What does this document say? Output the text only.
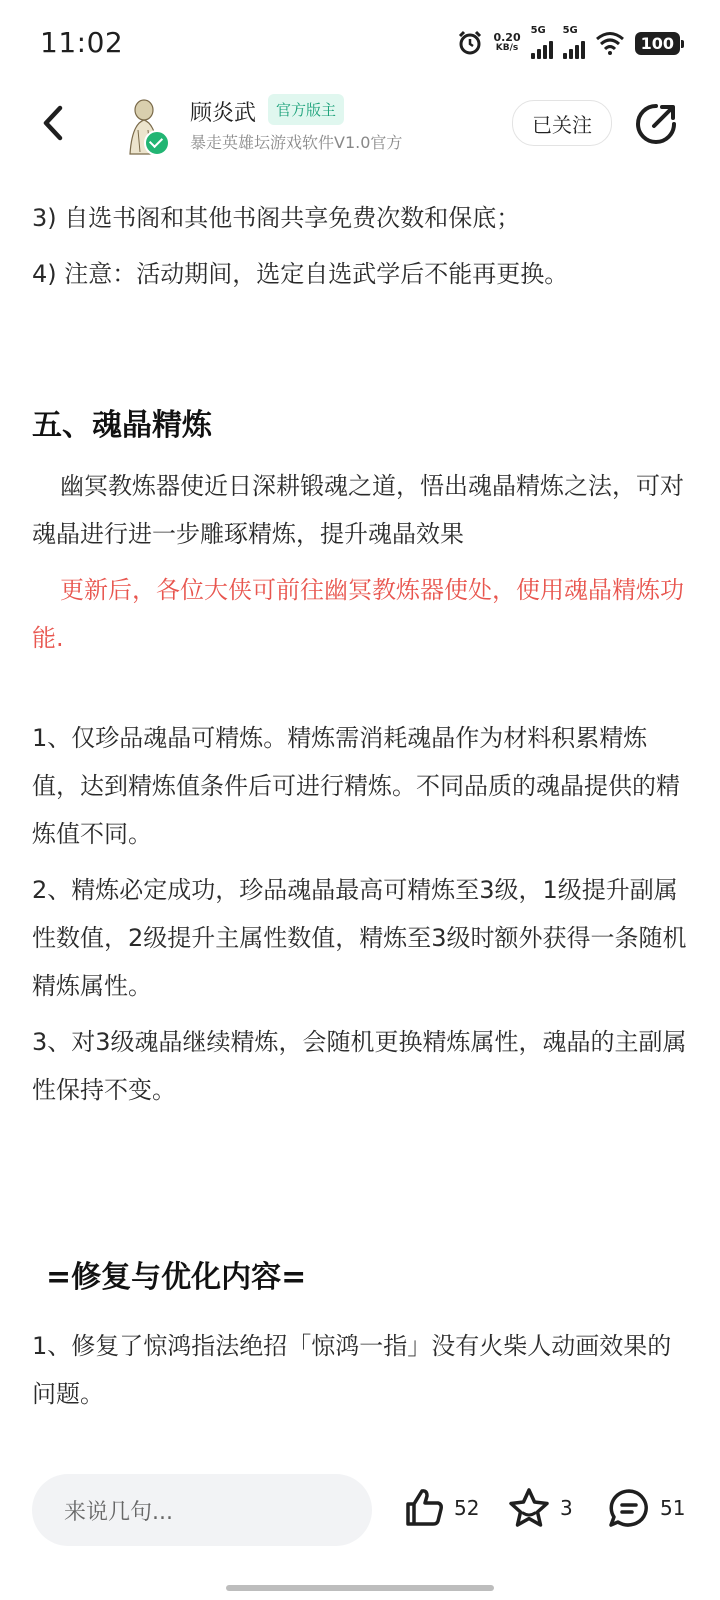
11:02	0.20
KB/s
5G 5G
100
顾炎武	官方版主
暴走英雄坛游戏软件V1.0官方
已关注

3) 自选书阁和其他书阁共享免费次数和保底；

4) 注意：活动期间，选定自选武学后不能再更换。

五、魂晶精炼

幽冥教炼器使近日深耕锻魂之道，悟出魂晶精炼之法，可对魂晶进行进一步雕琢精炼，提升魂晶效果

更新后，各位大侠可前往幽冥教炼器使处，使用魂晶精炼功能.

1、仅珍品魂晶可精炼。精炼需消耗魂晶作为材料积累精炼值，达到精炼值条件后可进行精炼。不同品质的魂晶提供的精炼值不同。

2、精炼必定成功，珍品魂晶最高可精炼至3级，1级提升副属性数值，2级提升主属性数值，精炼至3级时额外获得一条随机精炼属性。

3、对3级魂晶继续精炼，会随机更换精炼属性，魂晶的主副属性保持不变。

=修复与优化内容=

1、修复了惊鸿指法绝招「惊鸿一指」没有火柴人动画效果的问题。

来说几句...	52	3	51
